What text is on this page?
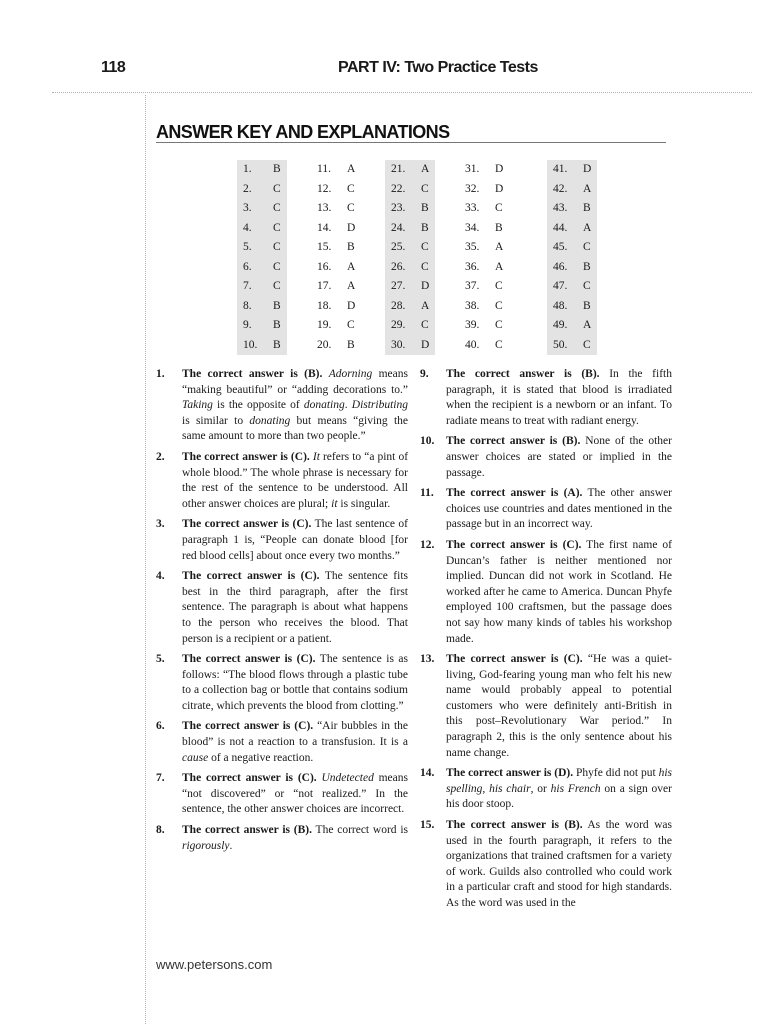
118	PART IV: Two Practice Tests
ANSWER KEY AND EXPLANATIONS
1. B
2. C
3. C
4. C
5. C
6. C
7. C
8. B
9. B
10. B
11. A
12. C
13. C
14. D
15. B
16. A
17. A
18. D
19. C
20. B
21. A
22. C
23. B
24. B
25. C
26. C
27. D
28. A
29. C
30. D
31. D
32. D
33. C
34. B
35. A
36. A
37. C
38. C
39. C
40. C
41. D
42. A
43. B
44. A
45. C
46. B
47. C
48. B
49. A
50. C
1. The correct answer is (B). Adorning means “making beautiful” or “adding decorations to.” Taking is the opposite of donating. Distributing is similar to donating but means “giving the same amount to more than two people.”
2. The correct answer is (C). It refers to “a pint of whole blood.” The whole phrase is necessary for the rest of the sentence to be understood. All other answer choices are plural; it is singular.
3. The correct answer is (C). The last sentence of paragraph 1 is, “People can donate blood [for red blood cells] about once every two months.”
4. The correct answer is (C). The sentence fits best in the third paragraph, after the first sentence. The paragraph is about what happens to the person who receives the blood. That person is a recipient or a patient.
5. The correct answer is (C). The sentence is as follows: “The blood flows through a plastic tube to a collection bag or bottle that contains sodium citrate, which prevents the blood from clotting.”
6. The correct answer is (C). “Air bubbles in the blood” is not a reaction to a transfusion. It is a cause of a negative reaction.
7. The correct answer is (C). Undetected means “not discovered” or “not realized.” In the sentence, the other answer choices are incorrect.
8. The correct answer is (B). The correct word is rigorously.
9. The correct answer is (B). In the fifth paragraph, it is stated that blood is irradiated when the recipient is a newborn or an infant. To radiate means to treat with radiant energy.
10. The correct answer is (B). None of the other answer choices are stated or implied in the passage.
11. The correct answer is (A). The other answer choices use countries and dates mentioned in the passage but in an incorrect way.
12. The correct answer is (C). The first name of Duncan’s father is neither mentioned nor implied. Duncan did not work in Scotland. He worked after he came to America. Duncan Phyfe employed 100 craftsmen, but the passage does not say how many kinds of tables his workshop made.
13. The correct answer is (C). “He was a quiet-living, God-fearing young man who felt his new name would probably appeal to potential customers who were definitely anti-British in this post–Revolutionary War period.” In paragraph 2, this is the only sentence about his name change.
14. The correct answer is (D). Phyfe did not put his spelling, his chair, or his French on a sign over his door stoop.
15. The correct answer is (B). As the word was used in the fourth paragraph, it refers to the organizations that trained craftsmen for a variety of work. Guilds also controlled who could work in a particular craft and stood for high standards. As the word was used in the
www.petersons.com
